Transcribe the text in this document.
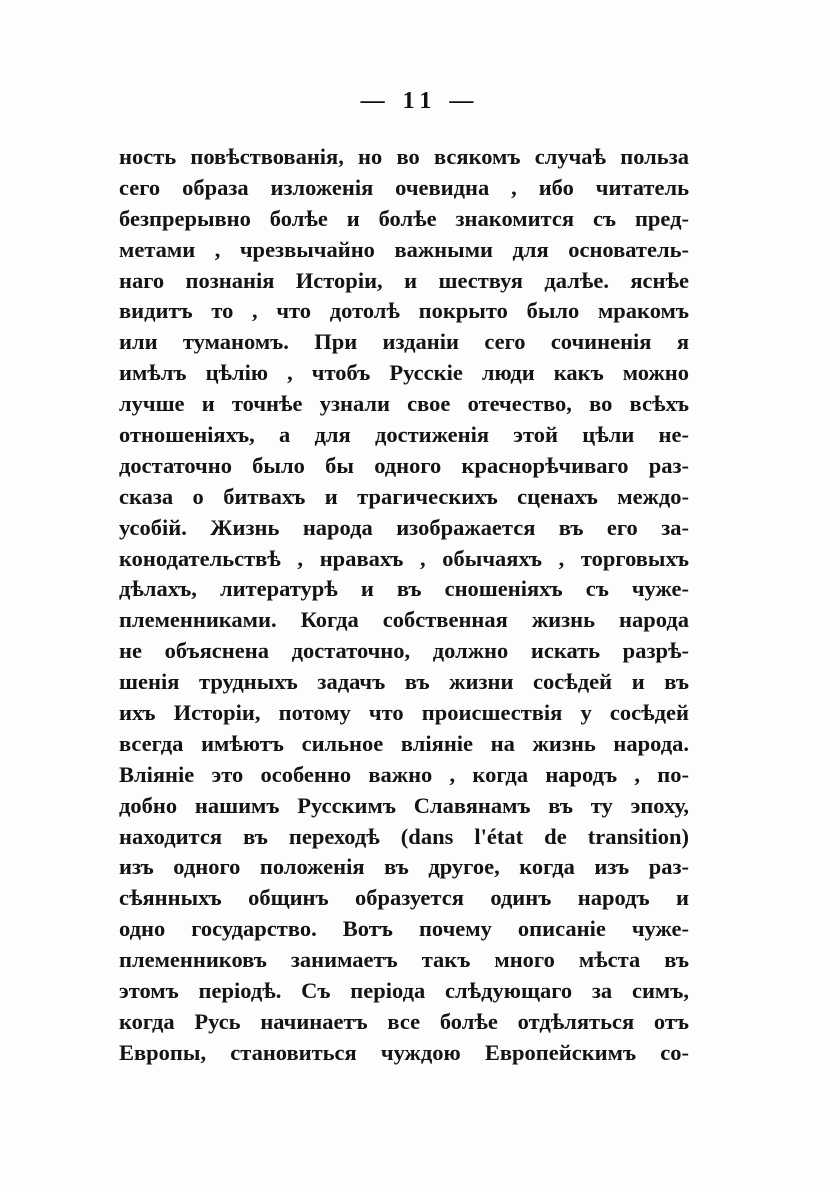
— 11 —
ность повѣствованія, но во всякомъ случаѣ польза
сего образа изложенія очевидна , ибо читатель
безпрерывно болѣе и болѣе знакомится съ пред-
метами , чрезвычайно важными для основатель-
наго познанія Исторіи, и шествуя далѣе. яснѣе
видитъ то , что дотолѣ покрыто было мракомъ
или туманомъ. При изданіи сего сочиненія я
имѣлъ цѣлію , чтобъ Русскіе люди какъ можно
лучше и точнѣе узнали свое отечество, во всѣхъ
отношеніяхъ, а для достиженія этой цѣли не-
достаточно было бы одного краснорѣчиваго раз-
сказа о битвахъ и трагическихъ сценахъ междо-
усобій. Жизнь народа изображается въ его за-
конодательствѣ , нравахъ , обычаяхъ , торговыхъ
дѣлахъ, литературѣ и въ сношеніяхъ съ чуже-
племенниками. Когда собственная жизнь народа
не объяснена достаточно, должно искать разрѣ-
шенія трудныхъ задачъ въ жизни сосѣдей и въ
ихъ Исторіи, потому что происшествія у сосѣдей
всегда имѣютъ сильное вліяніе на жизнь народа.
Вліяніе это особенно важно , когда народъ , по-
добно нашимъ Русскимъ Славянамъ въ ту эпоху,
находится въ переходѣ (dans l'état de transition)
изъ одного положенія въ другое, когда изъ раз-
сѣянныхъ общинъ образуется одинъ народъ и
одно государство. Вотъ почему описаніе чуже-
племенниковъ занимаетъ такъ много мѣста въ
этомъ періодѣ. Съ періода слѣдующаго за симъ,
когда Русь начинаетъ все болѣе отдѣляться отъ
Европы, становиться чуждою Европейскимъ со-
